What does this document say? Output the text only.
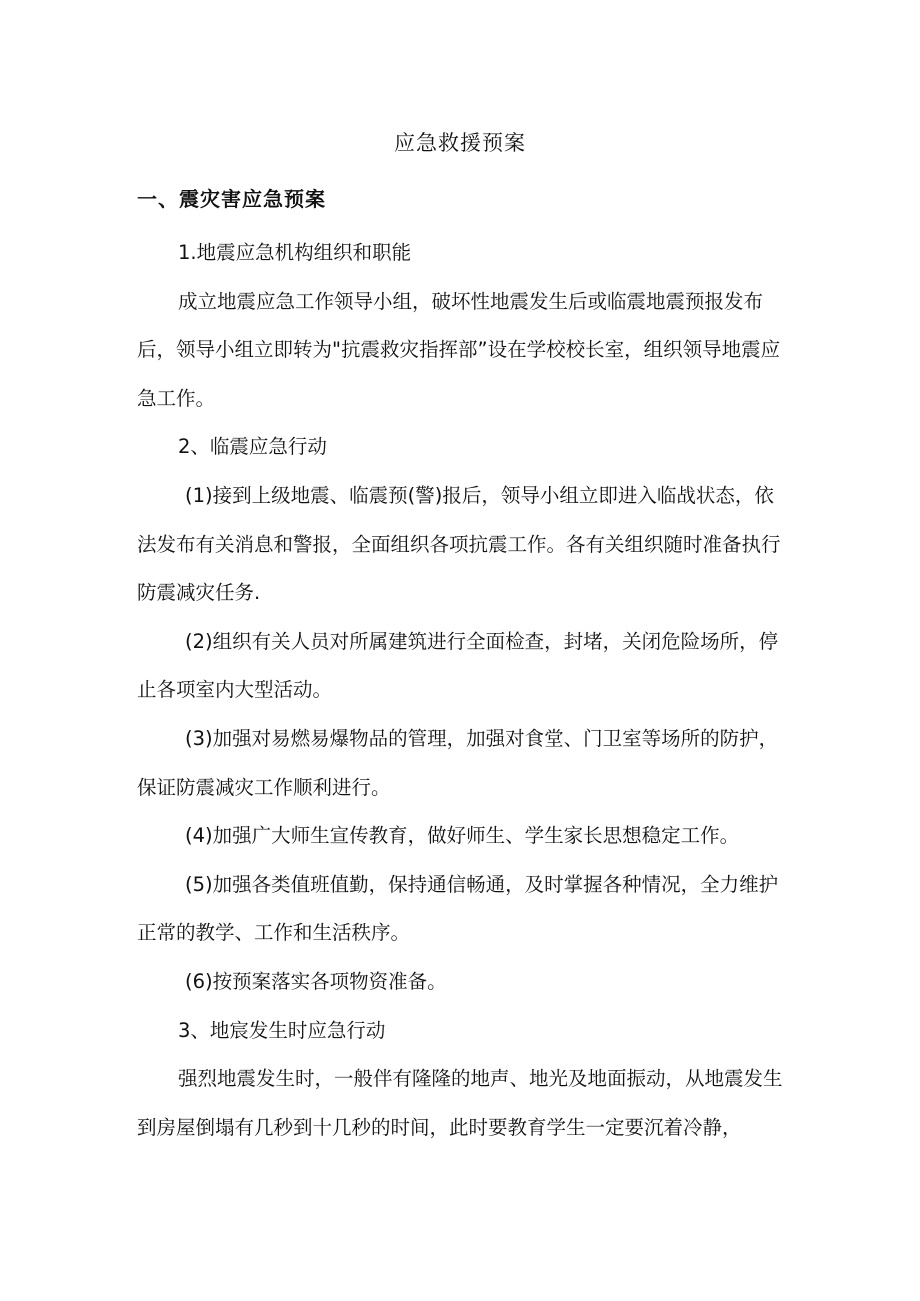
应急救援预案
一、震灾害应急预案

1.地震应急机构组织和职能

成立地震应急工作领导小组，破坏性地震发生后或临震地震预报发布后，领导小组立即转为"抗震救灾指挥部”设在学校校长室，组织领导地震应急工作。

2、临震应急行动

(1)接到上级地震、临震预(警)报后，领导小组立即进入临战状态，依法发布有关消息和警报，全面组织各项抗震工作。各有关组织随时准备执行防震减灾任务.

(2)组织有关人员对所属建筑进行全面检查，封堵，关闭危险场所，停止各项室内大型活动。

(3)加强对易燃易爆物品的管理，加强对食堂、门卫室等场所的防护，保证防震减灾工作顺利进行。

(4)加强广大师生宣传教育，做好师生、学生家长思想稳定工作。

(5)加强各类值班值勤，保持通信畅通，及时掌握各种情况，全力维护正常的教学、工作和生活秩序。

(6)按预案落实各项物资准备。

3、地宸发生时应急行动

强烈地震发生时，一般伴有隆隆的地声、地光及地面振动，从地震发生到房屋倒塌有几秒到十几秒的时间，此时要教育学生一定要沉着冷静，
